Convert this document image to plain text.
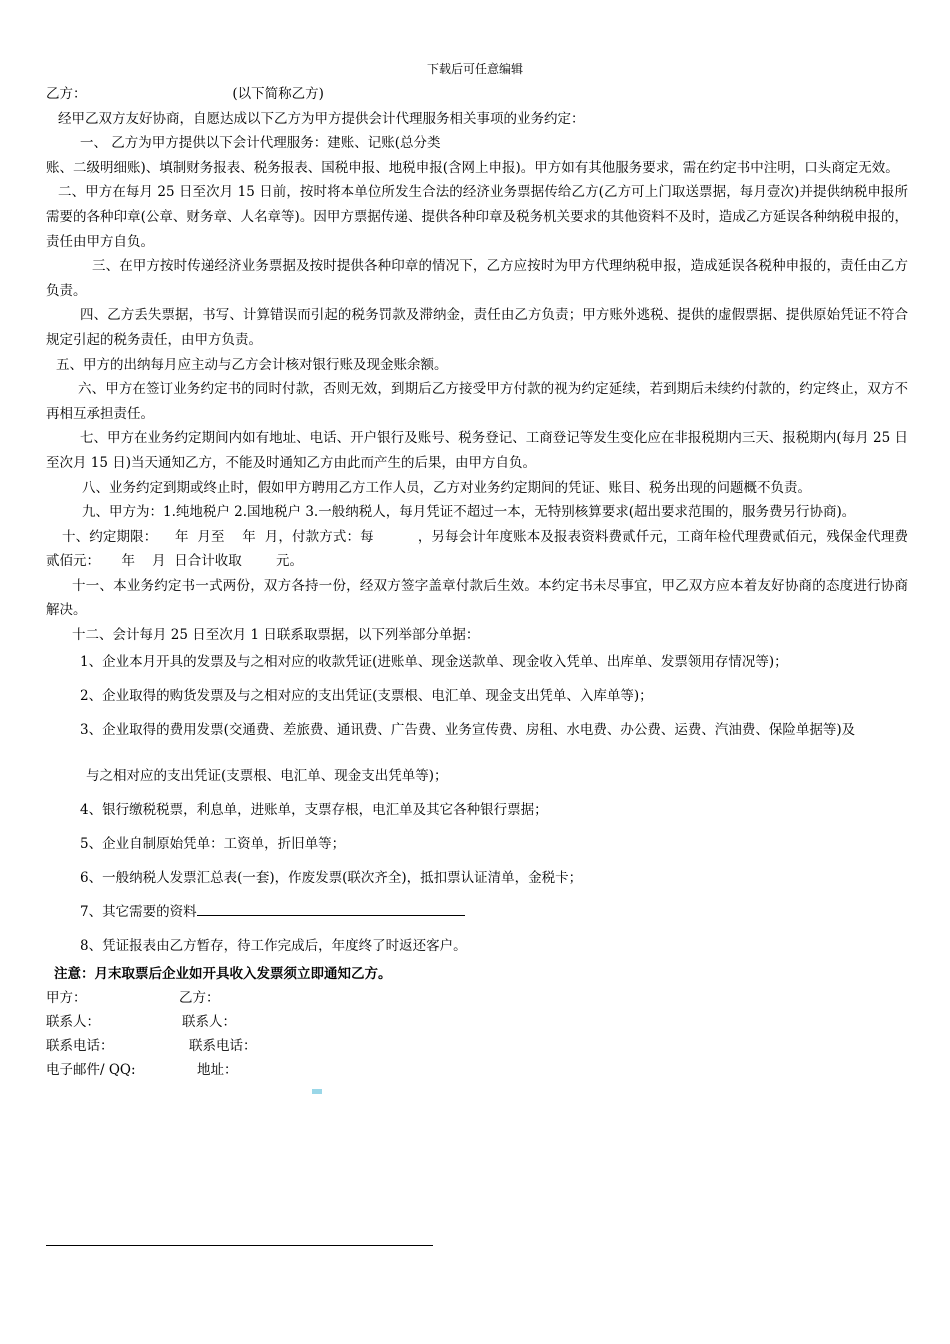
下载后可任意编辑

乙方：                                  (以下简称乙方)

经甲乙双方友好协商，自愿达成以下乙方为甲方提供会计代理服务相关事项的业务约定：

一、 乙方为甲方提供以下会计代理服务：建账、记账(总分类

账、二级明细账)、填制财务报表、税务报表、国税申报、地税申报(含网上申报)。甲方如有其他服务要求，需在约定书中注明，口头商定无效。

二、甲方在每月 25 日至次月 15 日前，按时将本单位所发生合法的经济业务票据传给乙方(乙方可上门取送票据，每月壹次)并提供纳税申报所需要的各种印章(公章、财务章、人名章等)。因甲方票据传递、提供各种印章及税务机关要求的其他资料不及时，造成乙方延误各种纳税申报的，责任由甲方自负。

三、在甲方按时传递经济业务票据及按时提供各种印章的情况下，乙方应按时为甲方代理纳税申报，造成延误各税种申报的，责任由乙方负责。

四、乙方丢失票据，书写、计算错误而引起的税务罚款及滞纳金，责任由乙方负责；甲方账外逃税、提供的虚假票据、提供原始凭证不符合规定引起的税务责任，由甲方负责。

五、甲方的出纳每月应主动与乙方会计核对银行账及现金账余额。

六、甲方在签订业务约定书的同时付款，否则无效，到期后乙方接受甲方付款的视为约定延续，若到期后未续约付款的，约定终止，双方不再相互承担责任。

七、甲方在业务约定期间内如有地址、电话、开户银行及账号、税务登记、工商登记等发生变化应在非报税期内三天、报税期内(每月 25 日至次月 15 日)当天通知乙方，不能及时通知乙方由此而产生的后果，由甲方自负。

八、业务约定到期或终止时，假如甲方聘用乙方工作人员，乙方对业务约定期间的凭证、账目、税务出现的问题概不负责。

九、甲方为：1.纯地税户 2.国地税户 3.一般纳税人，每月凭证不超过一本，无特别核算要求(超出要求范围的，服务费另行协商)。

十、约定期限：    年  月至    年  月，付款方式：每          ，另每会计年度账本及报表资料费贰仟元，工商年检代理费贰佰元，残保金代理费贰佰元：     年    月  日合计收取        元。

十一、本业务约定书一式两份，双方各持一份，经双方签字盖章付款后生效。本约定书未尽事宜，甲乙双方应本着友好协商的态度进行协商解决。

十二、会计每月 25 日至次月 1 日联系取票据，以下列举部分单据：

1、企业本月开具的发票及与之相对应的收款凭证(进账单、现金送款单、现金收入凭单、出库单、发票领用存情况等)；

2、企业取得的购货发票及与之相对应的支出凭证(支票根、电汇单、现金支出凭单、入库单等)；

3、企业取得的费用发票(交通费、差旅费、通讯费、广告费、业务宣传费、房租、水电费、办公费、运费、汽油费、保险单据等)及

与之相对应的支出凭证(支票根、电汇单、现金支出凭单等)；

4、银行缴税税票，利息单，进账单，支票存根，电汇单及其它各种银行票据；

5、企业自制原始凭单：工资单，折旧单等；

6、一般纳税人发票汇总表(一套)，作废发票(联次齐全)，抵扣票认证清单，金税卡；

7、其它需要的资料

8、凭证报表由乙方暂存，待工作完成后，年度终了时返还客户。

注意：月末取票后企业如开具收入发票须立即通知乙方。

甲方：	乙方：
联系人：	联系人：
联系电话：	联系电话：
电子邮件/ QQ:	地址：
